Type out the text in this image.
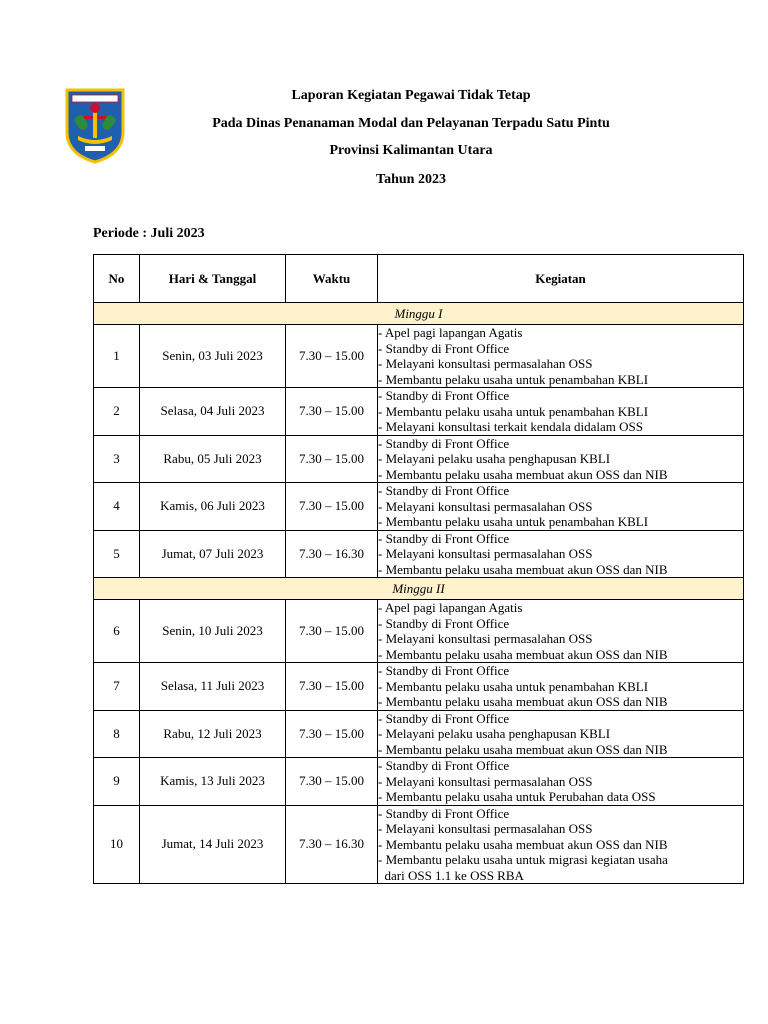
Laporan Kegiatan Pegawai Tidak Tetap
Pada Dinas Penanaman Modal dan Pelayanan Terpadu Satu Pintu
Provinsi Kalimantan Utara
Tahun 2023
Periode : Juli 2023
No	Hari & Tanggal	Waktu	Kegiatan
Minggu I			
1	Senin, 03 Juli 2023	7.30 – 15.00	- Apel pagi lapangan Agatis
- Standby di Front Office
- Melayani konsultasi permasalahan OSS
- Membantu pelaku usaha untuk penambahan KBLI

2	Selasa, 04 Juli 2023	7.30 – 15.00	- Standby di Front Office
- Membantu pelaku usaha untuk penambahan KBLI
- Melayani konsultasi terkait kendala didalam OSS

3	Rabu, 05 Juli 2023	7.30 – 15.00	- Standby di Front Office
- Melayani pelaku usaha penghapusan KBLI
- Membantu pelaku usaha membuat akun OSS dan NIB

4	Kamis, 06 Juli 2023	7.30 – 15.00	- Standby di Front Office
- Melayani konsultasi permasalahan OSS
- Membantu pelaku usaha untuk penambahan KBLI

5	Jumat, 07 Juli 2023	7.30 – 16.30	- Standby di Front Office
- Melayani konsultasi permasalahan OSS
- Membantu pelaku usaha membuat akun OSS dan NIB

Minggu II			
6	Senin, 10 Juli 2023	7.30 – 15.00	- Apel pagi lapangan Agatis
- Standby di Front Office
- Melayani konsultasi permasalahan OSS
- Membantu pelaku usaha membuat akun OSS dan NIB

7	Selasa, 11 Juli 2023	7.30 – 15.00	- Standby di Front Office
- Membantu pelaku usaha untuk penambahan KBLI
- Membantu pelaku usaha membuat akun OSS dan NIB

8	Rabu, 12 Juli 2023	7.30 – 15.00	- Standby di Front Office
- Melayani pelaku usaha penghapusan KBLI
- Membantu pelaku usaha membuat akun OSS dan NIB

9	Kamis, 13 Juli 2023	7.30 – 15.00	- Standby di Front Office
- Melayani konsultasi permasalahan OSS
- Membantu pelaku usaha untuk Perubahan data OSS

10	Jumat, 14 Juli 2023	7.30 – 16.30	- Standby di Front Office
- Melayani konsultasi permasalahan OSS
- Membantu pelaku usaha membuat akun OSS dan NIB
- Membantu pelaku usaha untuk migrasi kegiatan usaha
dari OSS 1.1 ke OSS RBA
